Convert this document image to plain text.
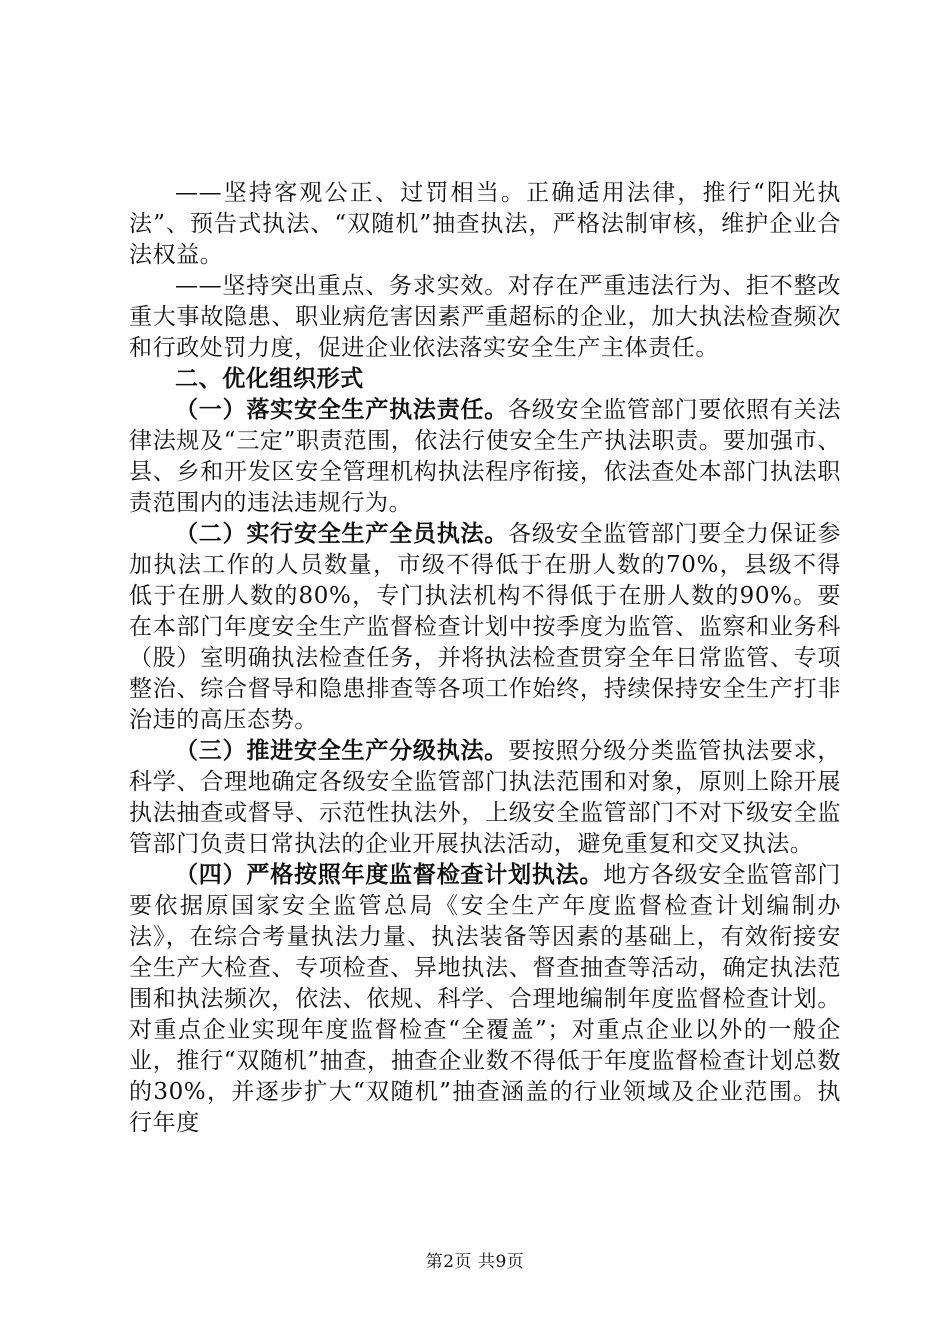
——坚持客观公正、过罚相当。正确适用法律，推行“阳光执法”、预告式执法、“双随机”抽查执法，严格法制审核，维护企业合法权益。

——坚持突出重点、务求实效。对存在严重违法行为、拒不整改重大事故隐患、职业病危害因素严重超标的企业，加大执法检查频次和行政处罚力度，促进企业依法落实安全生产主体责任。

二、优化组织形式

（一）落实安全生产执法责任。各级安全监管部门要依照有关法律法规及“三定”职责范围，依法行使安全生产执法职责。要加强市、县、乡和开发区安全管理机构执法程序衔接，依法查处本部门执法职责范围内的违法违规行为。

（二）实行安全生产全员执法。各级安全监管部门要全力保证参加执法工作的人员数量，市级不得低于在册人数的70%，县级不得低于在册人数的80%，专门执法机构不得低于在册人数的90%。要在本部门年度安全生产监督检查计划中按季度为监管、监察和业务科（股）室明确执法检查任务，并将执法检查贯穿全年日常监管、专项整治、综合督导和隐患排查等各项工作始终，持续保持安全生产打非治违的高压态势。

（三）推进安全生产分级执法。要按照分级分类监管执法要求，科学、合理地确定各级安全监管部门执法范围和对象，原则上除开展执法抽查或督导、示范性执法外，上级安全监管部门不对下级安全监管部门负责日常执法的企业开展执法活动，避免重复和交叉执法。

（四）严格按照年度监督检查计划执法。地方各级安全监管部门要依据原国家安全监管总局《安全生产年度监督检查计划编制办法》，在综合考量执法力量、执法装备等因素的基础上，有效衔接安全生产大检查、专项检查、异地执法、督查抽查等活动，确定执法范围和执法频次，依法、依规、科学、合理地编制年度监督检查计划。对重点企业实现年度监督检查“全覆盖”；对重点企业以外的一般企业，推行“双随机”抽查，抽查企业数不得低于年度监督检查计划总数的30%，并逐步扩大“双随机”抽查涵盖的行业领域及企业范围。执行年度

第2页 共9页
